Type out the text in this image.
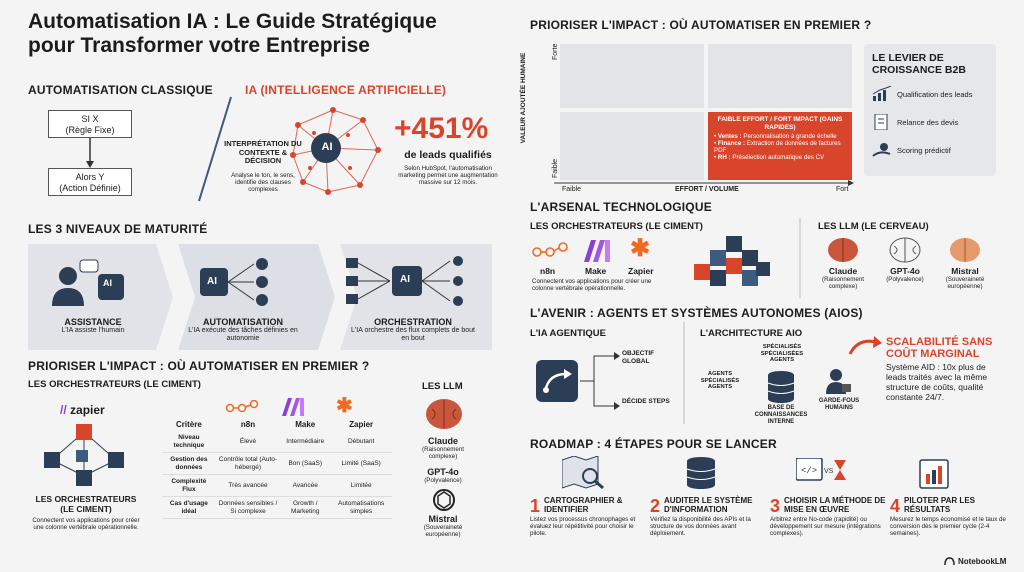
Automatisation IA : Le Guide Stratégique
pour Transformer votre Entreprise
AUTOMATISATION CLASSIQUE
SI X
(Règle Fixe)
Alors Y
(Action Définie)
IA (INTELLIGENCE ARTIFICIELLE)
AI
INTERPRÉTATION DU CONTEXTE & DÉCISION
Analyse le ton, le sens, identifie des clauses complexes
+451%
de leads qualifiés
Selon HubSpot, l'automatisation marketing permet une augmentation massive sur 12 mois.
LES 3 NIVEAUX DE MATURITÉ
AI	AI	AI
ASSISTANCE
L'IA assiste l'humain
AUTOMATISATION
L'IA exécute des tâches définies en autonomie
ORCHESTRATION
L'IA orchestre des flux complets de bout en bout
PRIORISER L'IMPACT : OÙ AUTOMATISER EN PREMIER ?
LES ORCHESTRATEURS (LE CIMENT)
// zapier
LES ORCHESTRATEURS (LE CIMENT)
Connectent vos applications pour créer une colonne vertébrale opérationnelle.
✱
Critère	n8n	Make	Zapier
Niveau technique	Élevé	Intermédiaire	Débutant
Gestion des données	Contrôle total (Auto-hébergé)	Bon (SaaS)	Limité (SaaS)
Complexité Flux	Très avancée	Avancée	Limitée
Cas d'usage idéal	Données sensibles / Si complexe	Growth / Marketing	Automatisations simples
LES LLM
Claude
(Raisonnement complexe)
GPT-4o
(Polyvalence)
Mistral
(Souveraineté européenne)
PRIORISER L'IMPACT : OÙ AUTOMATISER EN PREMIER ?
FAIBLE EFFORT / FORT IMPACT (GAINS RAPIDES)
• Ventes : Personnalisation à grande échelle
• Finance : Extraction de données de factures PDF
• RH : Présélection automatique des CV
Forte
Faible
VALEUR AJOUTÉE HUMAINE
Faible	EFFORT / VOLUME	Fort
LE LEVIER DE CROISSANCE B2B
Qualification des leads
Relance des devis
Scoring prédictif
L'ARSENAL TECHNOLOGIQUE
LES ORCHESTRATEURS (LE CIMENT)
✱
n8n	Make	Zapier
Connectent vos applications pour créer une colonne vertébrale opérationnelle.
LES LLM (LE CERVEAU)
Claude
(Raisonnement complexe)
GPT-4o
(Polyvalence)
Mistral
(Souveraineté européenne)
L'AVENIR : AGENTS ET SYSTÈMES AUTONOMES (AIOS)
L'IA AGENTIQUE
OBJECTIF GLOBAL
DÉCIDE STEPS
L'ARCHITECTURE AIO
AGENTS SPÉCIALISÉS AGENTS
SPÉCIALISÉS SPÉCIALISÉES AGENTS
BASE DE CONNAISSANCES INTERNE
GARDE-FOUS HUMAINS
SCALABILITÉ SANS COÛT MARGINAL
Système AID : 10x plus de leads traités avec la même structure de coûts, qualité constante 24/7.
ROADMAP : 4 ÉTAPES POUR SE LANCER
</> VS
1 CARTOGRAPHIER & IDENTIFIER
Listez vos processus chronophages et évaluez leur répétitivité pour choisir le pilote.
2 AUDITER LE SYSTÈME D'INFORMATION
Vérifiez la disponibilité des APIs et la structure de vos données avant déploiement.
3 CHOISIR LA MÉTHODE DE MISE EN ŒUVRE
Arbitrez entre No-code (rapidité) ou développement sur mesure (intégrations complexes).
4 PILOTER PAR LES RÉSULTATS
Mesurez le temps économisé et le taux de conversion dès le premier cycle (2-4 semaines).
NotebookLM
